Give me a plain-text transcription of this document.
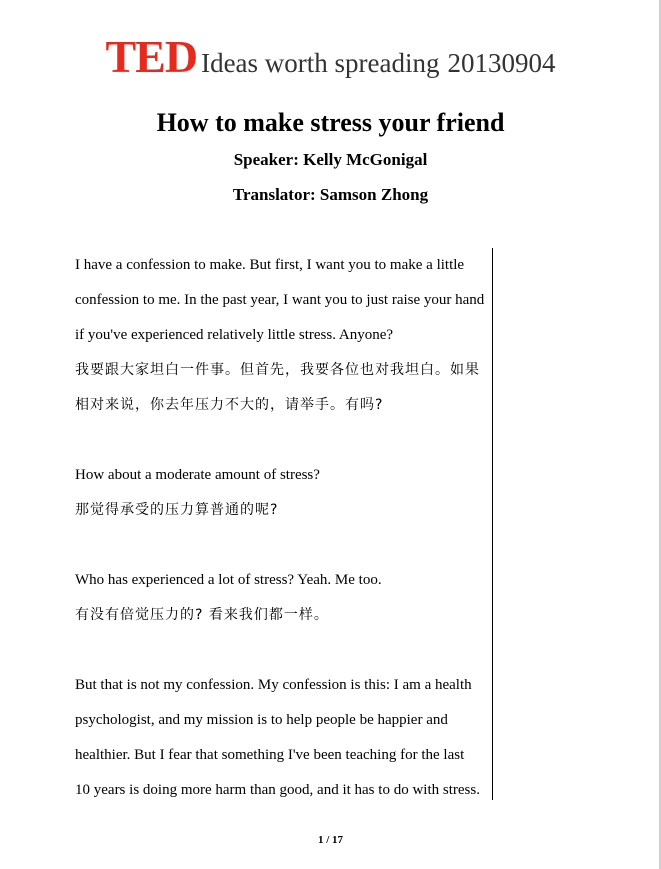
TED Ideas worth spreading 20130904
How to make stress your friend
Speaker: Kelly McGonigal
Translator: Samson Zhong

I have a confession to make. But first, I want you to make a little

confession to me. In the past year, I want you to just raise your hand

if you've experienced relatively little stress. Anyone?

我要跟大家坦白一件事。但首先，我要各位也对我坦白。如果

相对来说，你去年压力不大的，请举手。有吗?

How about a moderate amount of stress?

那觉得承受的压力算普通的呢?

Who has experienced a lot of stress? Yeah. Me too.

有没有倍觉压力的? 看来我们都一样。

But that is not my confession. My confession is this: I am a health

psychologist, and my mission is to help people be happier and

healthier. But I fear that something I've been teaching for the last

10 years is doing more harm than good, and it has to do with stress.

1 / 17
